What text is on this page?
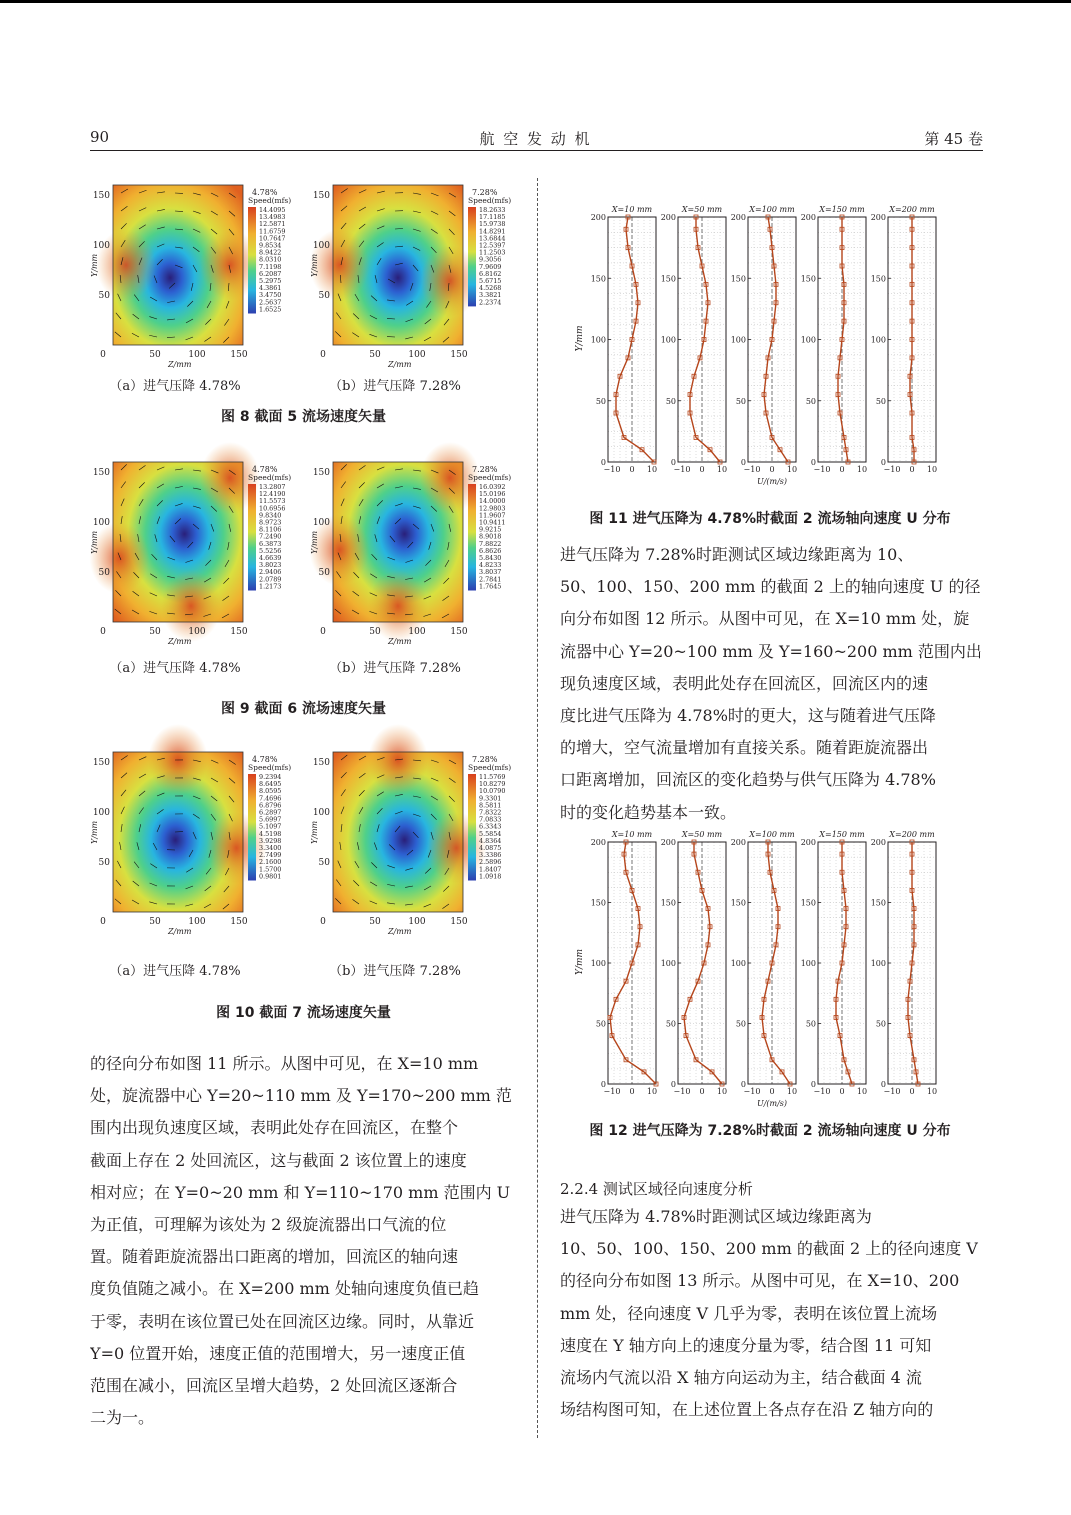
90	航 空 发 动 机	第 45 卷
150
100
50
0	50	100	150
Z/mm
Y/mm
4.78%
Speed(mfs)
14.4095
13.4983
12.5871
11.6759
10.7647
9.8534
8.9422
8.0310
7.1198
6.2087
5.2975
4.3861
3.4750
2.5637
1.6525
（a）进气压降 4.78%
150
100
50
0	50	100	150
Z/mm
Y/mm
7.28%
Speed(mfs)
18.2633
17.1185
15.9738
14.8291
13.6844
12.5397
11.2503
9.3056
7.9609
6.8162
5.6715
4.5268
3.3821
2.2374
（b）进气压降 7.28%
图 8 截面 5 流场速度矢量
150
100
50
0	50	100	150
Z/mm
Y/mm
4.78%
Speed(mfs)
13.2807
12.4190
11.5573
10.6956
9.8340
8.9723
8.1106
7.2490
6.3873
5.5256
4.6639
3.8023
2.9406
2.0789
1.2173
（a）进气压降 4.78%
150
100
50
0	50	100	150
Z/mm
Y/mm
7.28%
Speed(mfs)
16.0392
15.0196
14.0000
12.9803
11.9607
10.9411
9.9215
8.9018
7.8822
6.8626
5.8430
4.8233
3.8037
2.7841
1.7645
（b）进气压降 7.28%
图 9 截面 6 流场速度矢量
150
100
50
0	50	100	150
Z/mm
Y/mm
4.78%
Speed(mfs)
9.2394
8.6495
8.0595
7.4696
6.8796
6.2897
5.6997
5.1097
4.5198
3.9298
3.3400
2.7499
2.1600
1.5700
0.9801
（a）进气压降 4.78%
150
100
50
0	50	100	150
Z/mm
Y/mm
7.28%
Speed(mfs)
11.5769
10.8279
10.0790
9.3301
8.5811
7.8322
7.0833
6.3343
5.5854
4.8364
4.0875
3.3386
2.5896
1.8407
1.0918
（b）进气压降 7.28%
图 10 截面 7 流场速度矢量
Y/mm
X=10 mm
0
50
100
150
200
−10 0 10
X=50 mm
0
50
100
150
200
−10 0 10
X=100 mm
0
50
100
150
200
−10 0 10
X=150 mm
0
50
100
150
200
−10 0 10
X=200 mm
0
50
100
150
200
−10 0 10
U/(m/s)
图 11 进气压降为 4.78%时截面 2 流场轴向速度 U 分布
Y/mm
X=10 mm
0
50
100
150
200
−10 0 10
X=50 mm
0
50
100
150
200
−10 0 10
X=100 mm
0
50
100
150
200
−10 0 10
X=150 mm
0
50
100
150
200
−10 0 10
X=200 mm
0
50
100
150
200
−10 0 10
U/(m/s)
图 12 进气压降为 7.28%时截面 2 流场轴向速度 U 分布
的径向分布如图 11 所示。从图中可见，在 X=10 mm
处，旋流器中心 Y=20~110 mm 及 Y=170~200 mm 范
围内出现负速度区域，表明此处存在回流区，在整个
截面上存在 2 处回流区，这与截面 2 该位置上的速度
相对应；在 Y=0~20 mm 和 Y=110~170 mm 范围内 U
为正值，可理解为该处为 2 级旋流器出口气流的位
置。随着距旋流器出口距离的增加，回流区的轴向速
度负值随之减小。在 X=200 mm 处轴向速度负值已趋
于零，表明在该位置已处在回流区边缘。同时，从靠近
Y=0 位置开始，速度正值的范围增大，另一速度正值
范围在减小，回流区呈增大趋势，2 处回流区逐渐合
二为一。
进气压降为 7.28%时距测试区域边缘距离为 10、
50、100、150、200 mm 的截面 2 上的轴向速度 U 的径
向分布如图 12 所示。从图中可见，在 X=10 mm 处，旋
流器中心 Y=20~100 mm 及 Y=160~200 mm 范围内出
现负速度区域，表明此处存在回流区，回流区内的速
度比进气压降为 4.78%时的更大，这与随着进气压降
的增大，空气流量增加有直接关系。随着距旋流器出
口距离增加，回流区的变化趋势与供气压降为 4.78%
时的变化趋势基本一致。
2.2.4 测试区域径向速度分析
进气压降为 4.78%时距测试区域边缘距离为
10、50、100、150、200 mm 的截面 2 上的径向速度 V
的径向分布如图 13 所示。从图中可见，在 X=10、200
mm 处，径向速度 V 几乎为零，表明在该位置上流场
速度在 Y 轴方向上的速度分量为零，结合图 11 可知
流场内气流以沿 X 轴方向运动为主，结合截面 4 流
场结构图可知，在上述位置上各点存在沿 Z 轴方向的
